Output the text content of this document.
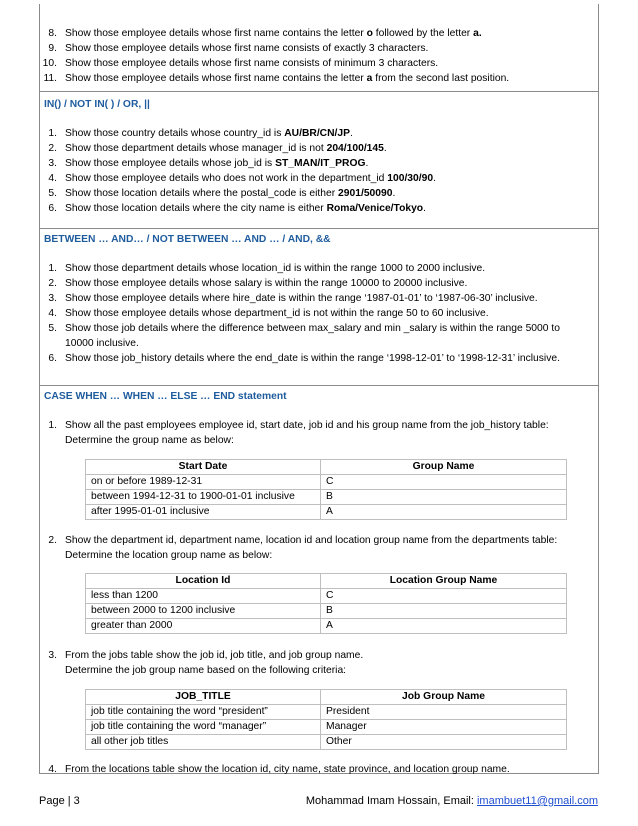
8. Show those employee details whose first name contains the letter o followed by the letter a.
9. Show those employee details whose first name consists of exactly 3 characters.
10. Show those employee details whose first name consists of minimum 3 characters.
11. Show those employee details whose first name contains the letter a from the second last position.
IN() / NOT IN( ) / OR, ||
1. Show those country details whose country_id is AU/BR/CN/JP.
2. Show those department details whose manager_id is not 204/100/145.
3. Show those employee details whose job_id is ST_MAN/IT_PROG.
4. Show those employee details who does not work in the department_id 100/30/90.
5. Show those location details where the postal_code is either 2901/50090.
6. Show those location details where the city name is either Roma/Venice/Tokyo.
BETWEEN … AND… / NOT BETWEEN … AND … / AND, &&
1. Show those department details whose location_id is within the range 1000 to 2000 inclusive.
2. Show those employee details whose salary is within the range 10000 to 20000 inclusive.
3. Show those employee details where hire_date is within the range ‘1987-01-01’ to ‘1987-06-30’ inclusive.
4. Show those employee details whose department_id is not within the range 50 to 60 inclusive.
5. Show those job details where the difference between max_salary and min _salary is within the range 5000 to 10000 inclusive.
6. Show those job_history details where the end_date is within the range ‘1998-12-01’ to ‘1998-12-31’ inclusive.
CASE WHEN … WHEN … ELSE … END statement
1. Show all the past employees employee id, start date, job id and his group name from the job_history table:
Determine the group name as below:
Start Date	Group Name
on or before 1989-12-31	C
between 1994-12-31 to 1900-01-01 inclusive	B
after 1995-01-01 inclusive	A
2. Show the department id, department name, location id and location group name from the departments table:
Determine the location group name as below:
Location Id	Location Group Name
less than 1200	C
between 2000 to 1200 inclusive	B
greater than 2000	A
3. From the jobs table show the job id, job title, and job group name.
Determine the job group name based on the following criteria:
JOB_TITLE	Job Group Name
job title containing the word “president”	President
job title containing the word “manager”	Manager
all other job titles	Other
4. From the locations table show the location id, city name, state province, and location group name.
Page | 3	Mohammad Imam Hossain, Email: imambuet11@gmail.com
